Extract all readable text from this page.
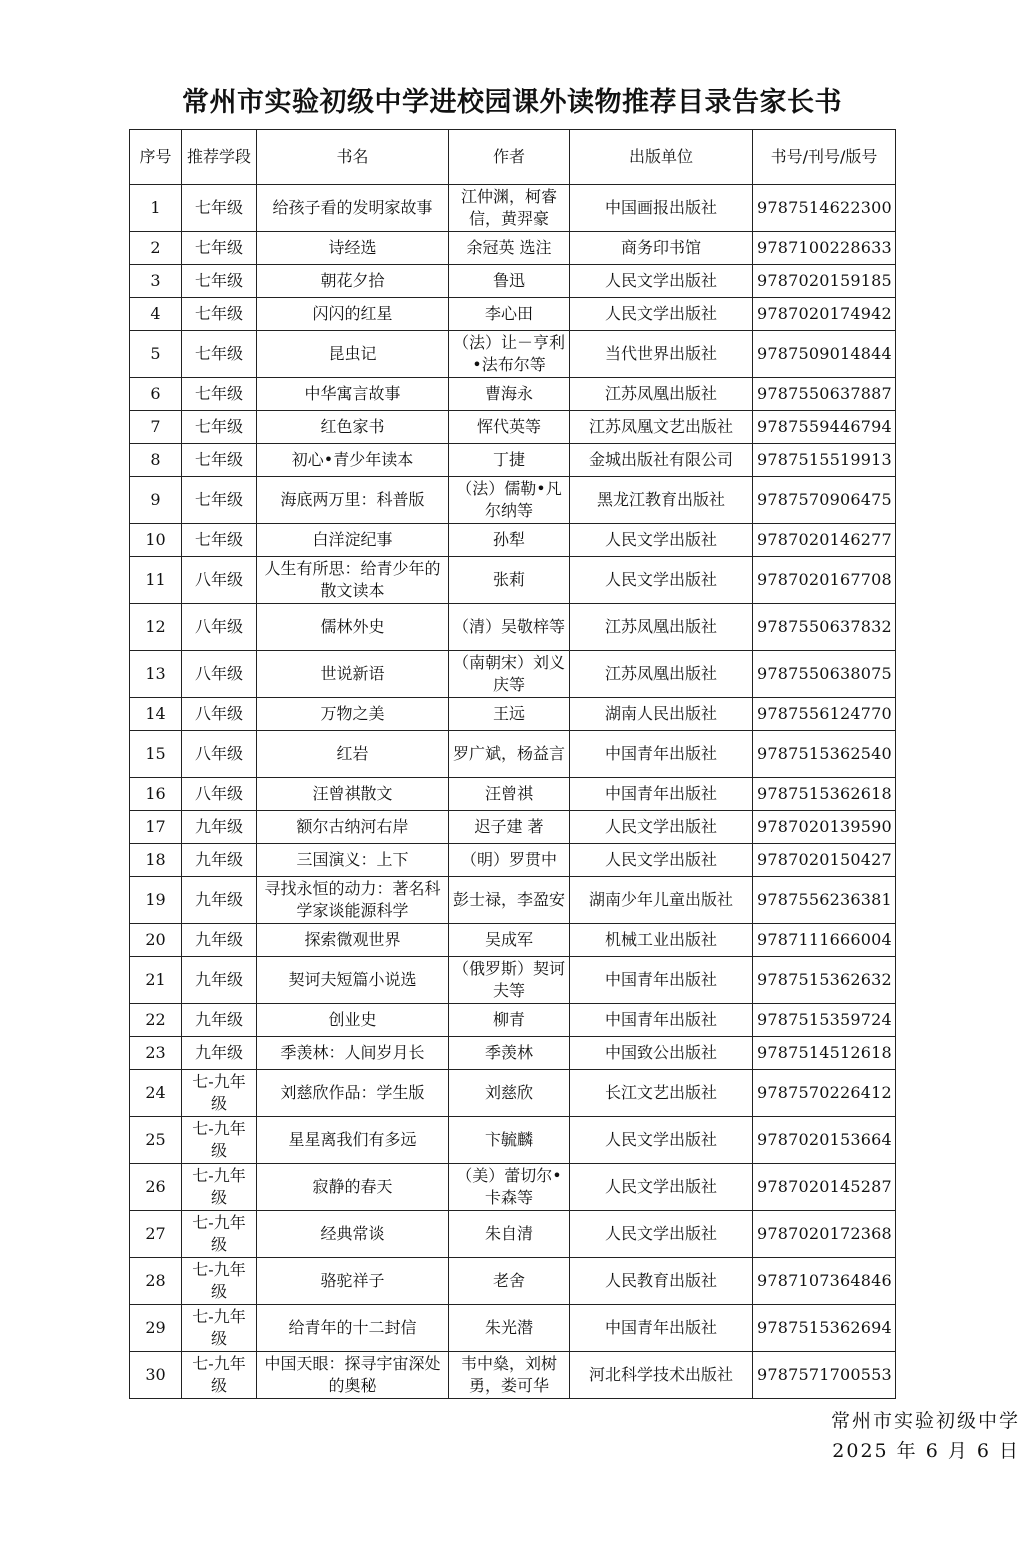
常州市实验初级中学进校园课外读物推荐目录告家长书
序号	推荐学段	书名	作者	出版单位	书号/刊号/版号
1	七年级	给孩子看的发明家故事	江仲渊，柯睿信，黄羿豪	中国画报出版社	9787514622300
2	七年级	诗经选	余冠英 选注	商务印书馆	9787100228633
3	七年级	朝花夕拾	鲁迅	人民文学出版社	9787020159185
4	七年级	闪闪的红星	李心田	人民文学出版社	9787020174942
5	七年级	昆虫记	（法）让－亨利•法布尔等	当代世界出版社	9787509014844
6	七年级	中华寓言故事	曹海永	江苏凤凰出版社	9787550637887
7	七年级	红色家书	恽代英等	江苏凤凰文艺出版社	9787559446794
8	七年级	初心•青少年读本	丁捷	金城出版社有限公司	9787515519913
9	七年级	海底两万里：科普版	（法）儒勒•凡尔纳等	黑龙江教育出版社	9787570906475
10	七年级	白洋淀纪事	孙犁	人民文学出版社	9787020146277
11	八年级	人生有所思：给青少年的散文读本	张莉	人民文学出版社	9787020167708
12	八年级	儒林外史	（清）吴敬梓等	江苏凤凰出版社	9787550637832
13	八年级	世说新语	（南朝宋）刘义庆等	江苏凤凰出版社	9787550638075
14	八年级	万物之美	王远	湖南人民出版社	9787556124770
15	八年级	红岩	罗广斌，杨益言	中国青年出版社	9787515362540
16	八年级	汪曾祺散文	汪曾祺	中国青年出版社	9787515362618
17	九年级	额尔古纳河右岸	迟子建 著	人民文学出版社	9787020139590
18	九年级	三国演义：上下	（明）罗贯中	人民文学出版社	9787020150427
19	九年级	寻找永恒的动力：著名科学家谈能源科学	彭士禄，李盈安	湖南少年儿童出版社	9787556236381
20	九年级	探索微观世界	吴成军	机械工业出版社	9787111666004
21	九年级	契诃夫短篇小说选	（俄罗斯）契诃夫等	中国青年出版社	9787515362632
22	九年级	创业史	柳青	中国青年出版社	9787515359724
23	九年级	季羡林：人间岁月长	季羡林	中国致公出版社	9787514512618
24	七-九年级	刘慈欣作品：学生版	刘慈欣	长江文艺出版社	9787570226412
25	七-九年级	星星离我们有多远	卞毓麟	人民文学出版社	9787020153664
26	七-九年级	寂静的春天	（美）蕾切尔•卡森等	人民文学出版社	9787020145287
27	七-九年级	经典常谈	朱自清	人民文学出版社	9787020172368
28	七-九年级	骆驼祥子	老舍	人民教育出版社	9787107364846
29	七-九年级	给青年的十二封信	朱光潜	中国青年出版社	9787515362694
30	七-九年级	中国天眼：探寻宇宙深处的奥秘	韦中燊，刘树勇，娄可华	河北科学技术出版社	9787571700553
常州市实验初级中学
2025 年 6 月 6 日
